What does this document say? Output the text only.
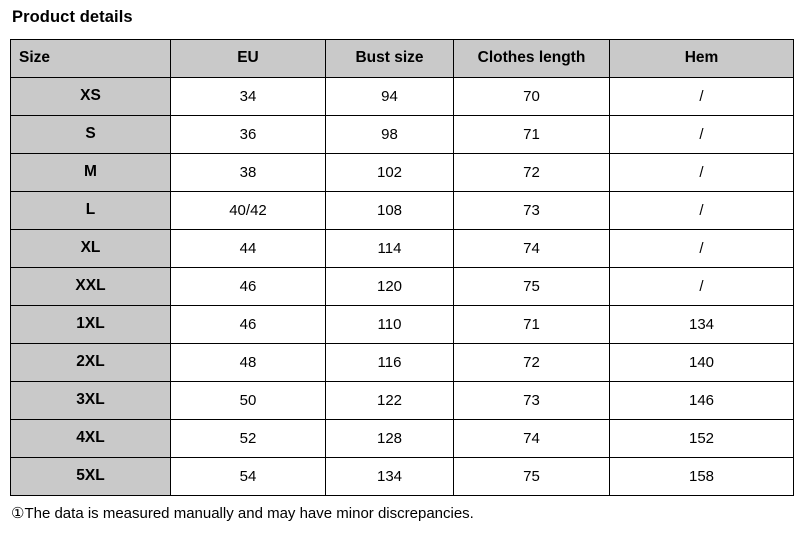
Product details
Size	EU	Bust size	Clothes length	Hem
XS	34	94	70	/
S	36	98	71	/
M	38	102	72	/
L	40/42	108	73	/
XL	44	114	74	/
XXL	46	120	75	/
1XL	46	110	71	134
2XL	48	116	72	140
3XL	50	122	73	146
4XL	52	128	74	152
5XL	54	134	75	158
①The data is measured manually and may have minor discrepancies.
